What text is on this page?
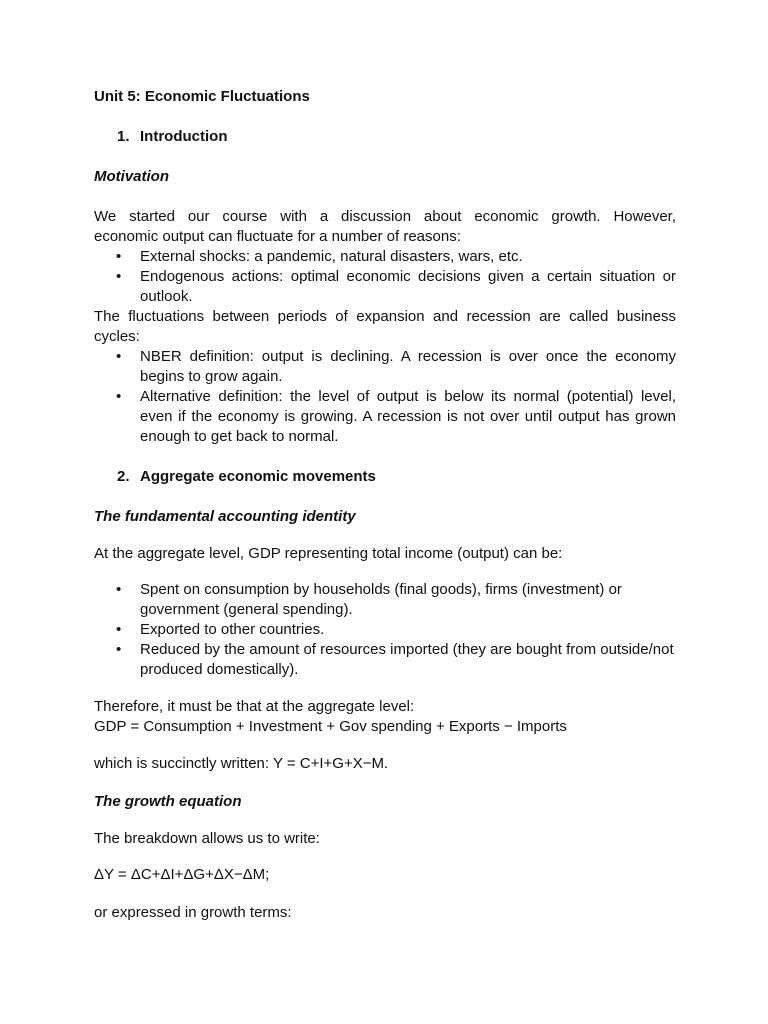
Unit 5: Economic Fluctuations
1. Introduction
Motivation
We started our course with a discussion about economic growth. However,
economic output can fluctuate for a number of reasons:
• External shocks: a pandemic, natural disasters, wars, etc.
• Endogenous actions: optimal economic decisions given a certain situation or outlook.
The fluctuations between periods of expansion and recession are called business
cycles:
• NBER definition: output is declining. A recession is over once the economy begins to grow again.
• Alternative definition: the level of output is below its normal (potential) level, even if the economy is growing. A recession is not over until output has grown enough to get back to normal.
2. Aggregate economic movements
The fundamental accounting identity
At the aggregate level, GDP representing total income (output) can be:
• Spent on consumption by households (final goods), firms (investment) or government (general spending).
• Exported to other countries.
• Reduced by the amount of resources imported (they are bought from outside/not produced domestically).
Therefore, it must be that at the aggregate level:
GDP = Consumption + Investment + Gov spending + Exports − Imports
which is succinctly written: Y = C+I+G+X−M.
The growth equation
The breakdown allows us to write:
ΔY = ΔC+ΔI+ΔG+ΔX−ΔM;
or expressed in growth terms:
